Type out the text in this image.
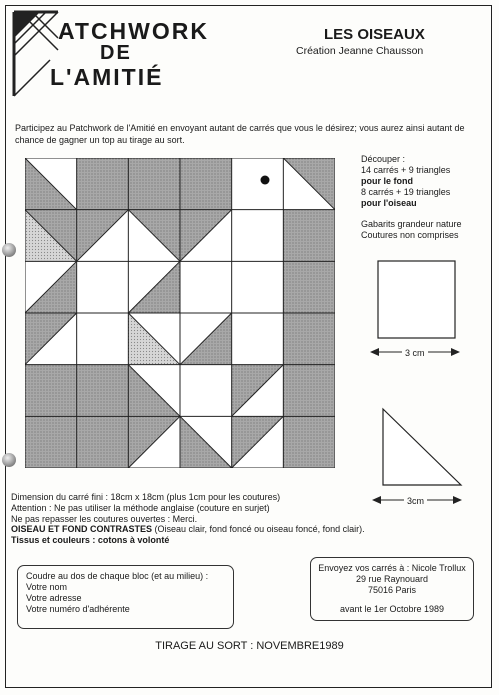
ATCHWORK
DE
L'AMITIÉ
LES OISEAUX
Création Jeanne Chausson
Participez au Patchwork de l'Amitié en envoyant autant de carrés que vous le désirez; vous aurez ainsi autant de chance de gagner un top au tirage au sort.
Découper :
14 carrés + 9 triangles
pour le fond
8 carrés + 19 triangles
pour l'oiseau
Gabarits grandeur nature
Coutures non comprises
3 cm
3cm
Dimension du carré fini : 18cm x 18cm (plus 1cm pour les coutures)
Attention : Ne pas utiliser la méthode anglaise (couture en surjet)
Ne pas repasser les coutures ouvertes : Merci.
OISEAU ET FOND CONTRASTES (Oiseau clair, fond foncé ou oiseau foncé, fond clair).
Tissus et couleurs : cotons à volonté
Coudre au dos de chaque bloc (et au milieu) :
Votre nom
Votre adresse
Votre numéro d'adhérente
Envoyez vos carrés à : Nicole Trollux
29 rue Raynouard
75016 Paris
avant le 1er Octobre 1989
TIRAGE AU SORT : NOVEMBRE1989
